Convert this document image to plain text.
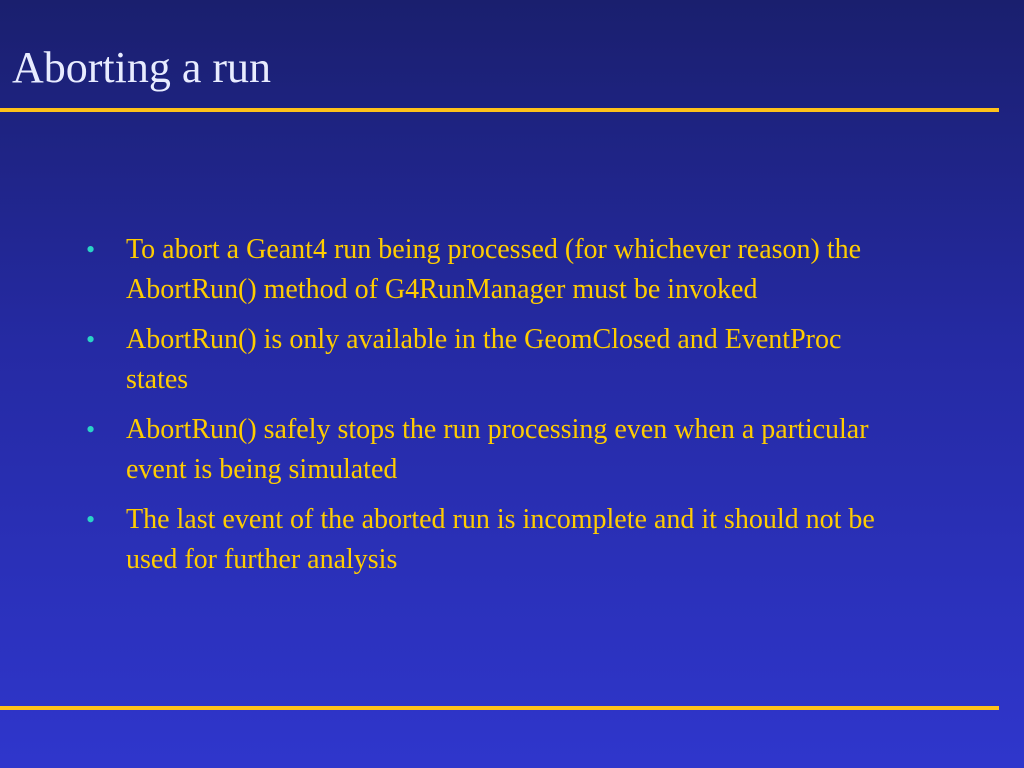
Aborting a run
•	To abort a Geant4 run being processed (for whichever reason) the AbortRun() method of G4RunManager must be invoked
•	AbortRun() is only available in the GeomClosed and EventProc states
•	AbortRun() safely stops the run processing even when a particular event is being simulated
•	The last event of the aborted run is incomplete and it should not be used for further analysis
